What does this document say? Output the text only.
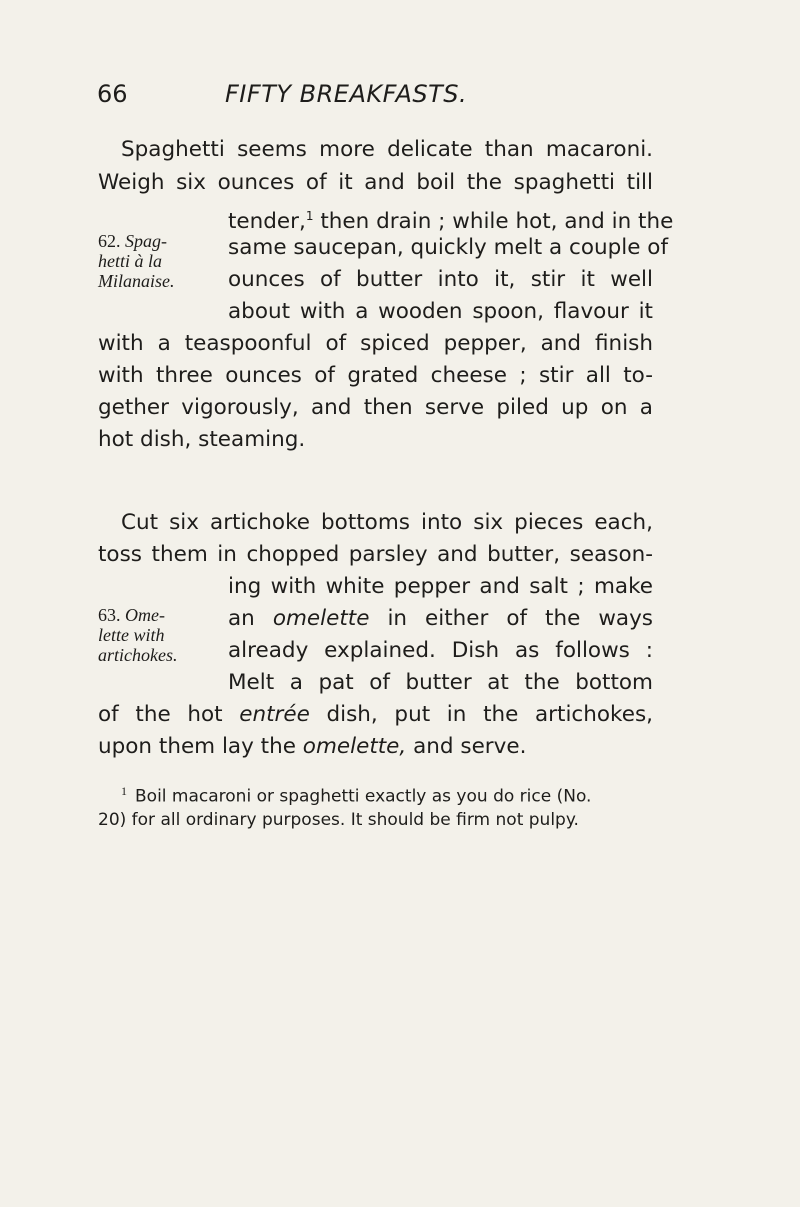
66	FIFTY BREAKFASTS.
Spaghetti seems more delicate than macaroni.
Weigh six ounces of it and boil the spaghetti till
tender,$^1$ then drain ; while hot, and in the
same saucepan, quickly melt a couple of
ounces of butter into it, stir it well
about with a wooden spoon, flavour it
with a teaspoonful of spiced pepper, and finish
with three ounces of grated cheese ; stir all to-
gether vigorously, and then serve piled up on a
hot dish, steaming.
62. Spag-
hetti à la
Milanaise.
Cut six artichoke bottoms into six pieces each,
toss them in chopped parsley and butter, season-
ing with white pepper and salt ; make
an omelette in either of the ways
already explained. Dish as follows :
Melt a pat of butter at the bottom
of the hot entrée dish, put in the artichokes,
upon them lay the omelette, and serve.
63. Ome-
lette with
artichokes.
$^1$ Boil macaroni or spaghetti exactly as you do rice (No.
20) for all ordinary purposes. It should be firm not pulpy.
